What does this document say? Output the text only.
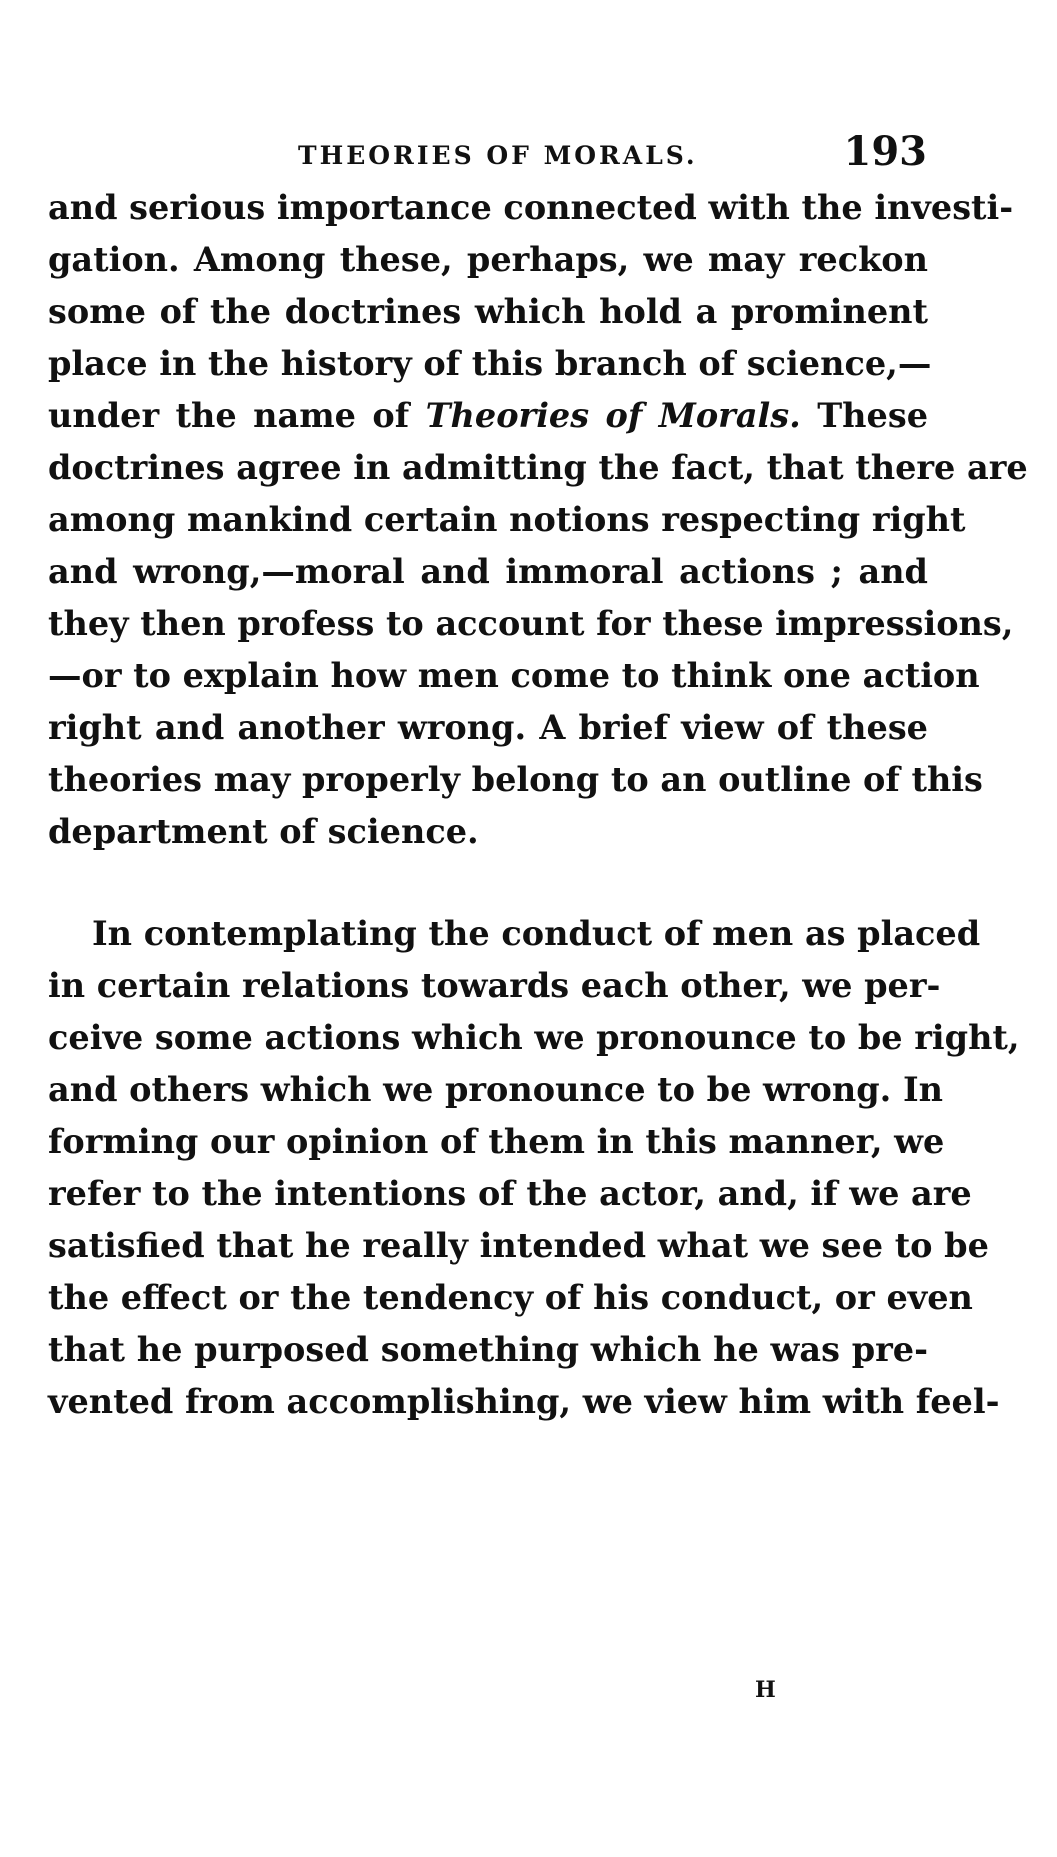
THEORIES OF MORALS.	193
and serious importance connected with the investi-
gation. Among these, perhaps, we may reckon
some of the doctrines which hold a prominent
place in the history of this branch of science,—
under the name of Theories of Morals. These
doctrines agree in admitting the fact, that there are
among mankind certain notions respecting right
and wrong,—moral and immoral actions ; and
they then profess to account for these impressions,
—or to explain how men come to think one action
right and another wrong. A brief view of these
theories may properly belong to an outline of this
department of science.
In contemplating the conduct of men as placed
in certain relations towards each other, we per-
ceive some actions which we pronounce to be right,
and others which we pronounce to be wrong. In
forming our opinion of them in this manner, we
refer to the intentions of the actor, and, if we are
satisfied that he really intended what we see to be
the effect or the tendency of his conduct, or even
that he purposed something which he was pre-
vented from accomplishing, we view him with feel-
H
